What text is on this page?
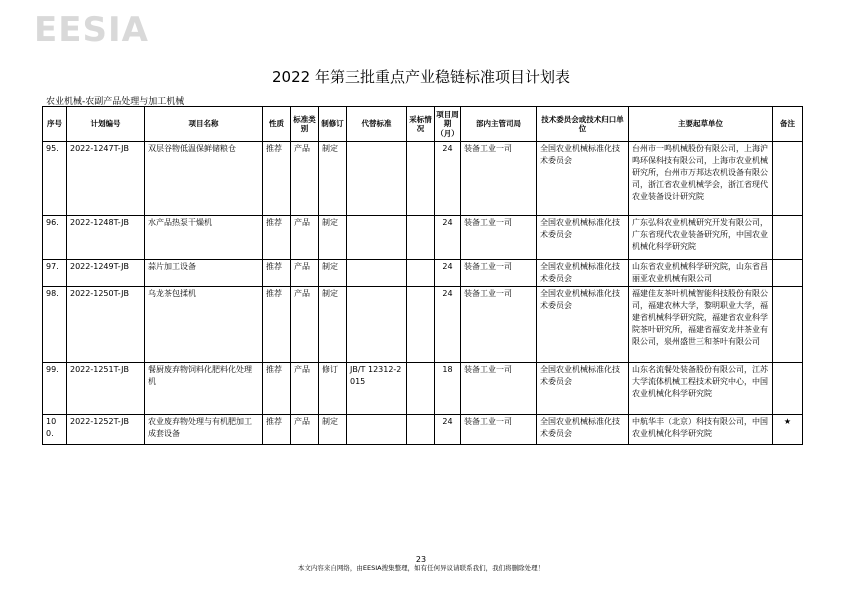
EESIA
2022 年第三批重点产业稳链标准项目计划表
农业机械-农副产品处理与加工机械
序号	计划编号	项目名称	性质	标准类别	制修订	代替标准	采标情况	项目周期（月）	部内主管司局	技术委员会或技术归口单位	主要起草单位	备注
95.	2022-1247T-JB	双层谷物低温保鲜储粮仓	推荐	产品	制定			24	装备工业一司	全国农业机械标准化技术委员会	台州市一鸣机械股份有限公司，上海沪鸣环保科技有限公司，上海市农业机械研究所，台州市万邦达农机设备有限公司，浙江省农业机械学会，浙江省现代农业装备设计研究院	
96.	2022-1248T-JB	水产品热泵干燥机	推荐	产品	制定			24	装备工业一司	全国农业机械标准化技术委员会	广东弘科农业机械研究开发有限公司，广东省现代农业装备研究所，中国农业机械化科学研究院	
97.	2022-1249T-JB	蒜片加工设备	推荐	产品	制定			24	装备工业一司	全国农业机械标准化技术委员会	山东省农业机械科学研究院，山东省昌丽亚农业机械有限公司	
98.	2022-1250T-JB	乌龙茶包揉机	推荐	产品	制定			24	装备工业一司	全国农业机械标准化技术委员会	福建佳友茶叶机械智能科技股份有限公司，福建农林大学，黎明职业大学，福建省机械科学研究院，福建省农业科学院茶叶研究所，福建省福安龙井茶业有限公司，泉州盛世三和茶叶有限公司	
99.	2022-1251T-JB	餐厨废弃物饲料化肥料化处理机	推荐	产品	修订	JB/T 12312-2015		18	装备工业一司	全国农业机械标准化技术委员会	山东名流餐处装备股份有限公司，江苏大学流体机械工程技术研究中心，中国农业机械化科学研究院	
100.	2022-1252T-JB	农业废弃物处理与有机肥加工成套设备	推荐	产品	制定			24	装备工业一司	全国农业机械标准化技术委员会	中航华丰（北京）科技有限公司，中国农业机械化科学研究院	★
23
本文内容来自网络，由EESIA搜集整理，如有任何异议请联系我们，我们将删除处理！
